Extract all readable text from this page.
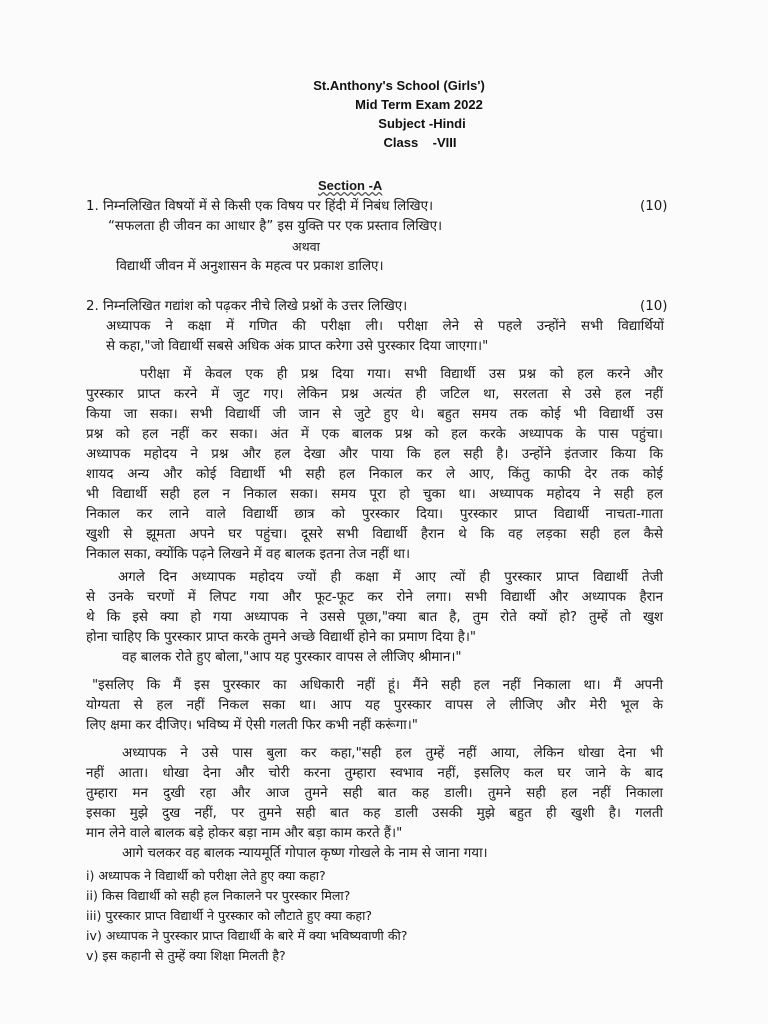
St.Anthony's School (Girls')
Mid Term Exam 2022
Subject -Hindi
Class    -VIII
Section -A
1. निम्नलिखित विषयों में से किसी एक विषय पर हिंदी में निबंध लिखिए।	(10)
“सफलता ही जीवन का आधार है” इस युक्ति पर एक प्रस्ताव लिखिए।
अथवा
विद्यार्थी जीवन में अनुशासन के महत्व पर प्रकाश डालिए।
2. निम्नलिखित गद्यांश को पढ़कर नीचे लिखे प्रश्नों के उत्तर लिखिए।	(10)
अध्यापक ने कक्षा में गणित की परीक्षा ली। परीक्षा लेने से पहले उन्होंने सभी विद्यार्थियों
से कहा,"जो विद्यार्थी सबसे अधिक अंक प्राप्त करेगा उसे पुरस्कार दिया जाएगा।"
परीक्षा में केवल एक ही प्रश्न दिया गया। सभी विद्यार्थी उस प्रश्न को हल करने और
पुरस्कार प्राप्त करने में जुट गए। लेकिन प्रश्न अत्यंत ही जटिल था, सरलता से उसे हल नहीं
किया जा सका। सभी विद्यार्थी जी जान से जुटे हुए थे। बहुत समय तक कोई भी विद्यार्थी उस
प्रश्न को हल नहीं कर सका। अंत में एक बालक प्रश्न को हल करके अध्यापक के पास पहुंचा।
अध्यापक महोदय ने प्रश्न और हल देखा और पाया कि हल सही है। उन्होंने इंतजार किया कि
शायद अन्य और कोई विद्यार्थी भी सही हल निकाल कर ले आए, किंतु काफी देर तक कोई
भी विद्यार्थी सही हल न निकाल सका। समय पूरा हो चुका था। अध्यापक महोदय ने सही हल
निकाल कर लाने वाले विद्यार्थी छात्र को पुरस्कार दिया। पुरस्कार प्राप्त विद्यार्थी नाचता-गाता
खुशी से झूमता अपने घर पहुंचा। दूसरे सभी विद्यार्थी हैरान थे कि वह लड़का सही हल कैसे
निकाल सका, क्योंकि पढ़ने लिखने में वह बालक इतना तेज नहीं था।
अगले दिन अध्यापक महोदय ज्यों ही कक्षा में आए त्यों ही पुरस्कार प्राप्त विद्यार्थी तेजी
से उनके चरणों में लिपट गया और फूट-फूट कर रोने लगा। सभी विद्यार्थी और अध्यापक हैरान
थे कि इसे क्या हो गया अध्यापक ने उससे पूछा,"क्या बात है, तुम रोते क्यों हो? तुम्हें तो खुश
होना चाहिए कि पुरस्कार प्राप्त करके तुमने अच्छे विद्यार्थी होने का प्रमाण दिया है।"
वह बालक रोते हुए बोला,"आप यह पुरस्कार वापस ले लीजिए श्रीमान।"
"इसलिए कि मैं इस पुरस्कार का अधिकारी नहीं हूं। मैंने सही हल नहीं निकाला था। मैं अपनी
योग्यता से हल नहीं निकल सका था। आप यह पुरस्कार वापस ले लीजिए और मेरी भूल के
लिए क्षमा कर दीजिए। भविष्य में ऐसी गलती फिर कभी नहीं करूंगा।"
अध्यापक ने उसे पास बुला कर कहा,"सही हल तुम्हें नहीं आया, लेकिन धोखा देना भी
नहीं आता। धोखा देना और चोरी करना तुम्हारा स्वभाव नहीं, इसलिए कल घर जाने के बाद
तुम्हारा मन दुखी रहा और आज तुमने सही बात कह डाली। तुमने सही हल नहीं निकाला
इसका मुझे दुख नहीं, पर तुमने सही बात कह डाली उसकी मुझे बहुत ही खुशी है। गलती
मान लेने वाले बालक बड़े होकर बड़ा नाम और बड़ा काम करते हैं।"
आगे चलकर वह बालक न्यायमूर्ति गोपाल कृष्ण गोखले के नाम से जाना गया।
i) अध्यापक ने विद्यार्थी को परीक्षा लेते हुए क्या कहा?
ii) किस विद्यार्थी को सही हल निकालने पर पुरस्कार मिला?
iii) पुरस्कार प्राप्त विद्यार्थी ने पुरस्कार को लौटाते हुए क्या कहा?
iv) अध्यापक ने पुरस्कार प्राप्त विद्यार्थी के बारे में क्या भविष्यवाणी की?
v) इस कहानी से तुम्हें क्या शिक्षा मिलती है?
